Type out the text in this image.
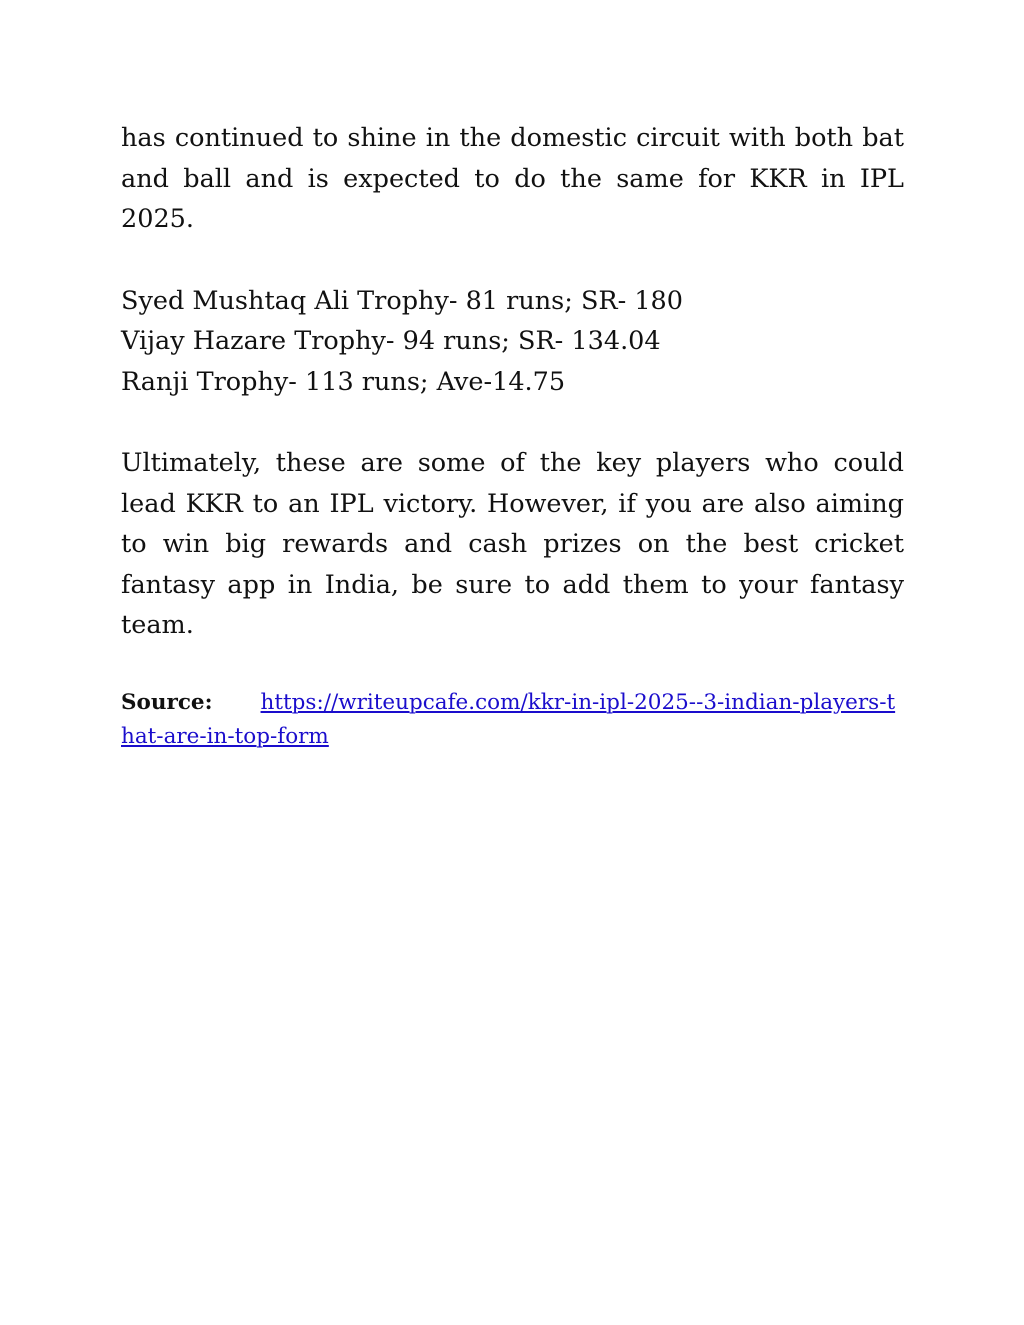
has continued to shine in the domestic circuit with both bat and ball and is expected to do the same for KKR in IPL 2025.

Syed Mushtaq Ali Trophy- 81 runs; SR- 180
Vijay Hazare Trophy- 94 runs; SR- 134.04
Ranji Trophy- 113 runs; Ave-14.75

Ultimately, these are some of the key players who could lead KKR to an IPL victory. However, if you are also aiming to win big rewards and cash prizes on the best cricket fantasy app in India, be sure to add them to your fantasy team.

Source: https://writeupcafe.com/kkr-in-ipl-2025--3-indian-players-that-are-in-top-form
